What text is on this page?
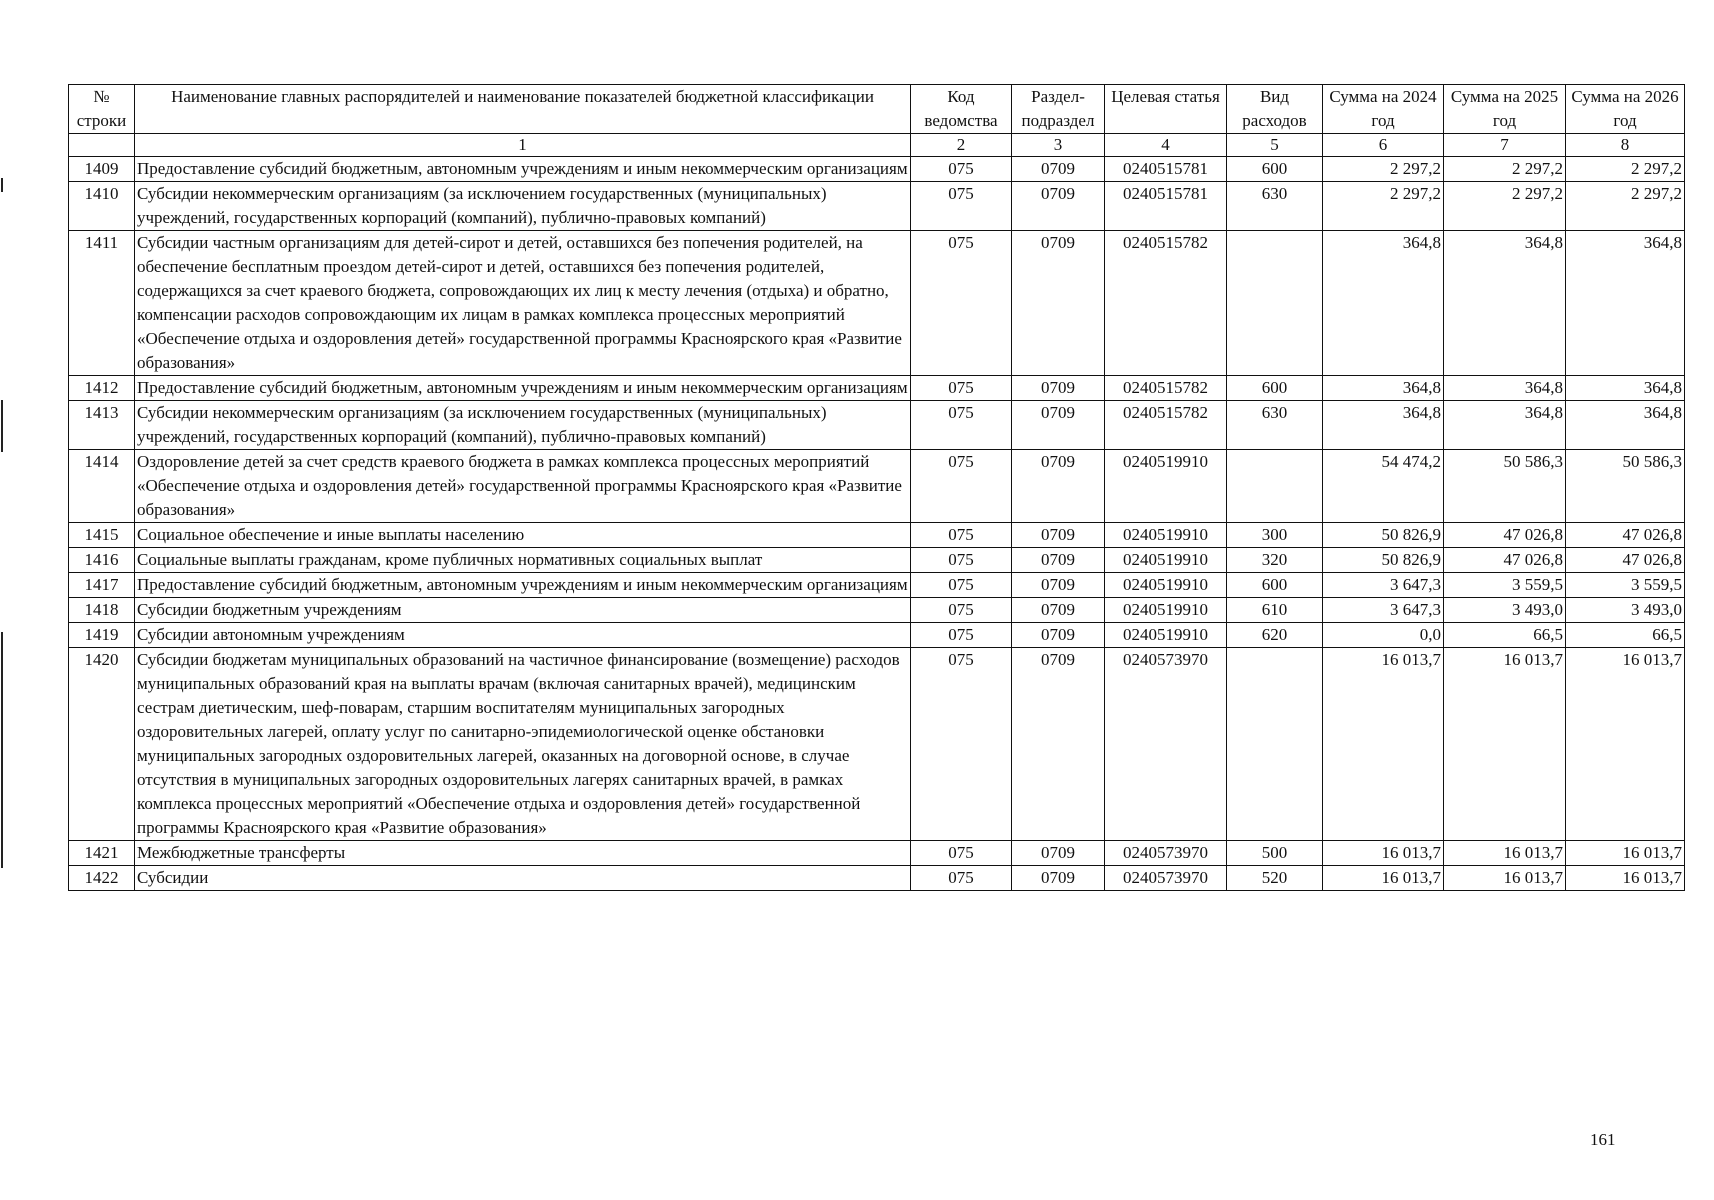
№ строки	Наименование главных распорядителей и наименование показателей бюджетной классификации	Код ведомства	Раздел-подраздел	Целевая статья	Вид расходов	Сумма на 2024 год	Сумма на 2025 год	Сумма на 2026 год
	1	2	3	4	5	6	7	8
1409	Предоставление субсидий бюджетным, автономным учреждениям и иным некоммерческим организациям	075	0709	0240515781	600	2 297,2	2 297,2	2 297,2
1410	Субсидии некоммерческим организациям (за исключением государственных (муниципальных) учреждений, государственных корпораций (компаний), публично-правовых компаний)	075	0709	0240515781	630	2 297,2	2 297,2	2 297,2
1411	Субсидии частным организациям для детей-сирот и детей, оставшихся без попечения родителей, на обеспечение бесплатным проездом детей-сирот и детей, оставшихся без попечения родителей, содержащихся за счет краевого бюджета, сопровождающих их лиц к месту лечения (отдыха) и обратно, компенсации расходов сопровождающим их лицам в рамках комплекса процессных мероприятий «Обеспечение отдыха и оздоровления детей» государственной программы Красноярского края «Развитие образования»	075	0709	0240515782		364,8	364,8	364,8
1412	Предоставление субсидий бюджетным, автономным учреждениям и иным некоммерческим организациям	075	0709	0240515782	600	364,8	364,8	364,8
1413	Субсидии некоммерческим организациям (за исключением государственных (муниципальных) учреждений, государственных корпораций (компаний), публично-правовых компаний)	075	0709	0240515782	630	364,8	364,8	364,8
1414	Оздоровление детей за счет средств краевого бюджета в рамках комплекса процессных мероприятий «Обеспечение отдыха и оздоровления детей» государственной программы Красноярского края «Развитие образования»	075	0709	0240519910		54 474,2	50 586,3	50 586,3
1415	Социальное обеспечение и иные выплаты населению	075	0709	0240519910	300	50 826,9	47 026,8	47 026,8
1416	Социальные выплаты гражданам, кроме публичных нормативных социальных выплат	075	0709	0240519910	320	50 826,9	47 026,8	47 026,8
1417	Предоставление субсидий бюджетным, автономным учреждениям и иным некоммерческим организациям	075	0709	0240519910	600	3 647,3	3 559,5	3 559,5
1418	Субсидии бюджетным учреждениям	075	0709	0240519910	610	3 647,3	3 493,0	3 493,0
1419	Субсидии автономным учреждениям	075	0709	0240519910	620	0,0	66,5	66,5
1420	Субсидии бюджетам муниципальных образований на частичное финансирование (возмещение) расходов муниципальных образований края на выплаты врачам (включая санитарных врачей), медицинским сестрам диетическим, шеф-поварам, старшим воспитателям муниципальных загородных оздоровительных лагерей, оплату услуг по санитарно-эпидемиологической оценке обстановки муниципальных загородных оздоровительных лагерей, оказанных на договорной основе, в случае отсутствия в муниципальных загородных оздоровительных лагерях санитарных врачей, в рамках комплекса процессных мероприятий «Обеспечение отдыха и оздоровления детей» государственной программы Красноярского края «Развитие образования»	075	0709	0240573970		16 013,7	16 013,7	16 013,7
1421	Межбюджетные трансферты	075	0709	0240573970	500	16 013,7	16 013,7	16 013,7
1422	Субсидии	075	0709	0240573970	520	16 013,7	16 013,7	16 013,7
161
